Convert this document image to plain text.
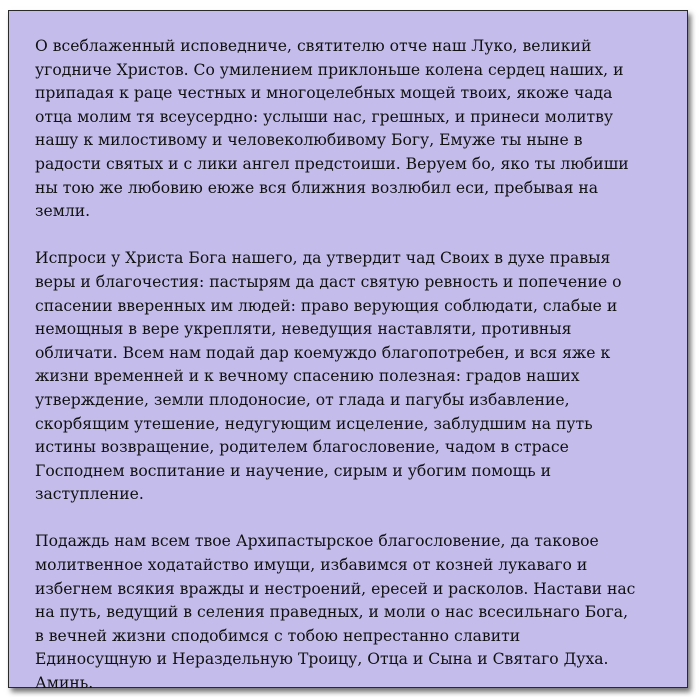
О всеблаженный исповедниче, святителю отче наш Луко, великий
угодниче Христов. Со умилением приклоньше колена сердец наших, и
припадая к раце честных и многоцелебных мощей твоих, якоже чада
отца молим тя всеусердно: услыши нас, грешных, и принеси молитву
нашу к милостивому и человеколюбивому Богу, Емуже ты ныне в
радости святых и с лики ангел предстоиши. Веруем бо, яко ты любиши
ны тою же любовию еюже вся ближния возлюбил еси, пребывая на
земли.

Испроси у Христа Бога нашего, да утвердит чад Своих в духе правыя
веры и благочестия: пастырям да даст святую ревность и попечение о
спасении вверенных им людей: право верующия соблюдати, слабые и
немощныя в вере укрепляти, неведущия наставляти, противныя
обличати. Всем нам подай дар коемуждо благопотребен, и вся яже к
жизни временней и к вечному спасению полезная: градов наших
утверждение, земли плодоносие, от глада и пагубы избавление,
скорбящим утешение, недугующим исцеление, заблудшим на путь
истины возвращение, родителем благословение, чадом в страсе
Господнем воспитание и научение, сирым и убогим помощь и
заступление.

Подаждь нам всем твое Архипастырское благословение, да таковое
молитвенное ходатайство имущи, избавимся от козней лукаваго и
избегнем всякия вражды и нестроений, ересей и расколов. Настави нас
на путь, ведущий в селения праведных, и моли о нас всесильнаго Бога,
в вечней жизни сподобимся с тобою непрестанно славити
Единосущную и Нераздельную Троицу, Отца и Сына и Святаго Духа.
Аминь.
